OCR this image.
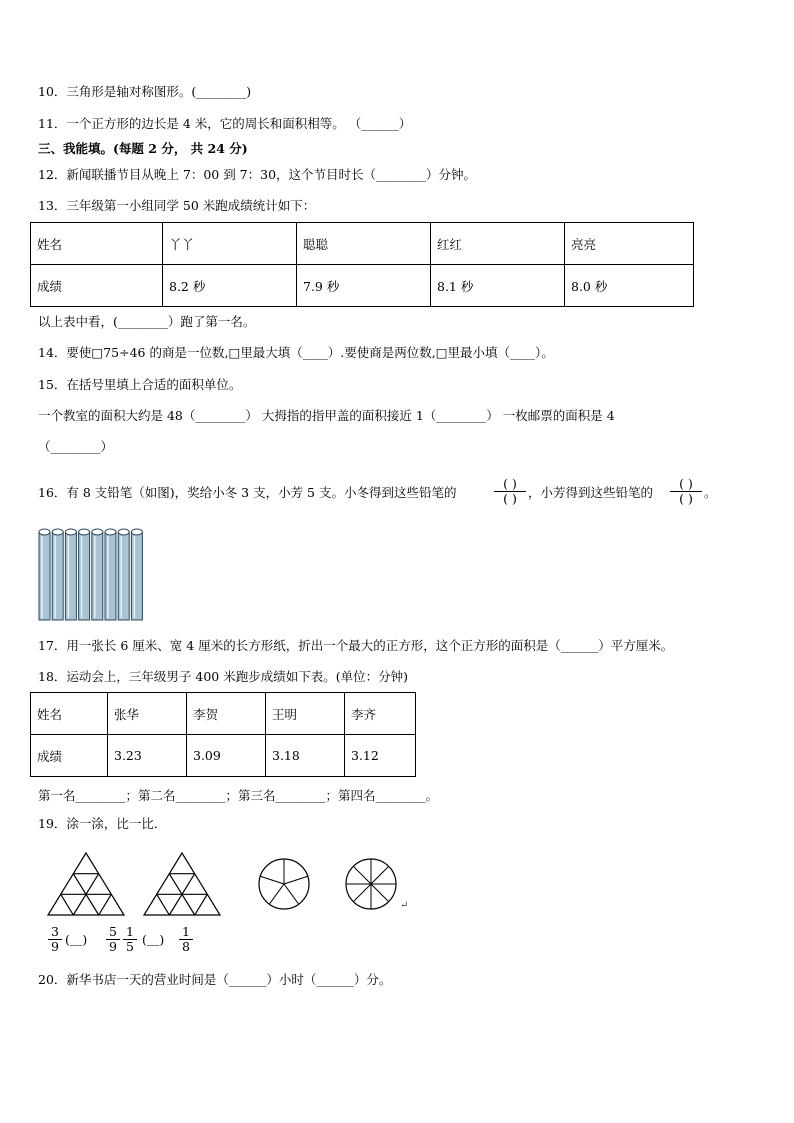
10．三角形是轴对称图形。(________)
11．一个正方形的边长是 4 米，它的周长和面积相等。 （______）
三、我能填。(每题 2 分， 共 24 分)
12．新闻联播节目从晚上 7：00 到 7：30，这个节目时长（________）分钟。
13．三年级第一小组同学 50 米跑成绩统计如下：
姓名	丫丫	聪聪	红红	亮亮
成绩	8.2 秒	7.9 秒	8.1 秒	8.0 秒
以上表中看，(________）跑了第一名。
14．要使□75÷46 的商是一位数,□里最大填（____）.要使商是两位数,□里最小填（____）。
15．在括号里填上合适的面积单位。
一个教室的面积大约是 48（________） 大拇指的指甲盖的面积接近 1（________） 一枚邮票的面积是 4
（________）
16．有 8 支铅笔（如图)，奖给小冬 3 支，小芳 5 支。小冬得到这些铅笔的
( )
( ) ，小芳得到这些铅笔的
( )
( ) 。
17．用一张长 6 厘米、宽 4 厘米的长方形纸，折出一个最大的正方形，这个正方形的面积是（______）平方厘米。
18．运动会上，三年级男子 400 米跑步成绩如下表。(单位：分钟)
姓名	张华	李贺	王明	李齐
成绩	3.23	3.09	3.18	3.12
第一名________；第二名________；第三名________；第四名________。
19．涂一涂，比一比．
↵
$\frac{3}{9}$ (＿) $\frac{5}{9} \frac{1}{5}$ (＿) $\frac{1}{8}$
20．新华书店一天的营业时间是（______）小时（______）分。
